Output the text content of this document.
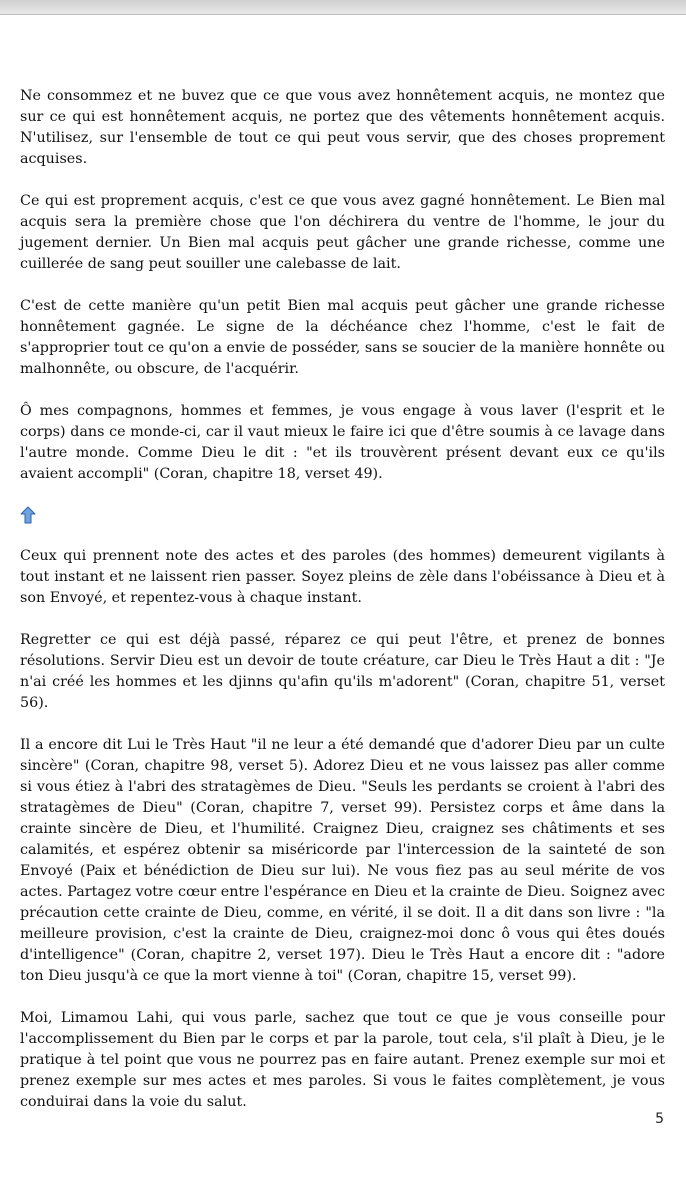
Ne consommez et ne buvez que ce que vous avez honnêtement acquis, ne montez que sur ce qui est honnêtement acquis, ne portez que des vêtements honnêtement acquis. N'utilisez, sur l'ensemble de tout ce qui peut vous servir, que des choses proprement acquises.

Ce qui est proprement acquis, c'est ce que vous avez gagné honnêtement. Le Bien mal acquis sera la première chose que l'on déchirera du ventre de l'homme, le jour du jugement dernier. Un Bien mal acquis peut gâcher une grande richesse, comme une cuillerée de sang peut souiller une calebasse de lait.

C'est de cette manière qu'un petit Bien mal acquis peut gâcher une grande richesse honnêtement gagnée. Le signe de la déchéance chez l'homme, c'est le fait de s'approprier tout ce qu'on a envie de posséder, sans se soucier de la manière honnête ou malhonnête, ou obscure, de l'acquérir.

Ô mes compagnons, hommes et femmes, je vous engage à vous laver (l'esprit et le corps) dans ce monde-ci, car il vaut mieux le faire ici que d'être soumis à ce lavage dans l'autre monde. Comme Dieu le dit : "et ils trouvèrent présent devant eux ce qu'ils avaient accompli" (Coran, chapitre 18, verset 49).

Ceux qui prennent note des actes et des paroles (des hommes) demeurent vigilants à tout instant et ne laissent rien passer. Soyez pleins de zèle dans l'obéissance à Dieu et à son Envoyé, et repentez-vous à chaque instant.

Regretter ce qui est déjà passé, réparez ce qui peut l'être, et prenez de bonnes résolutions. Servir Dieu est un devoir de toute créature, car Dieu le Très Haut a dit : "Je n'ai créé les hommes et les djinns qu'afin qu'ils m'adorent" (Coran, chapitre 51, verset 56).

Il a encore dit Lui le Très Haut "il ne leur a été demandé que d'adorer Dieu par un culte sincère" (Coran, chapitre 98, verset 5). Adorez Dieu et ne vous laissez pas aller comme si vous étiez à l'abri des stratagèmes de Dieu. "Seuls les perdants se croient à l'abri des stratagèmes de Dieu" (Coran, chapitre 7, verset 99). Persistez corps et âme dans la crainte sincère de Dieu, et l'humilité. Craignez Dieu, craignez ses châtiments et ses calamités, et espérez obtenir sa miséricorde par l'intercession de la sainteté de son Envoyé (Paix et bénédiction de Dieu sur lui). Ne vous fiez pas au seul mérite de vos actes. Partagez votre cœur entre l'espérance en Dieu et la crainte de Dieu. Soignez avec précaution cette crainte de Dieu, comme, en vérité, il se doit. Il a dit dans son livre : "la meilleure provision, c'est la crainte de Dieu, craignez-moi donc ô vous qui êtes doués d'intelligence" (Coran, chapitre 2, verset 197). Dieu le Très Haut a encore dit : "adore ton Dieu jusqu'à ce que la mort vienne à toi" (Coran, chapitre 15, verset 99).

Moi, Limamou Lahi, qui vous parle, sachez que tout ce que je vous conseille pour l'accomplissement du Bien par le corps et par la parole, tout cela, s'il plaît à Dieu, je le pratique à tel point que vous ne pourrez pas en faire autant. Prenez exemple sur moi et prenez exemple sur mes actes et mes paroles. Si vous le faites complètement, je vous conduirai dans la voie du salut.

5
